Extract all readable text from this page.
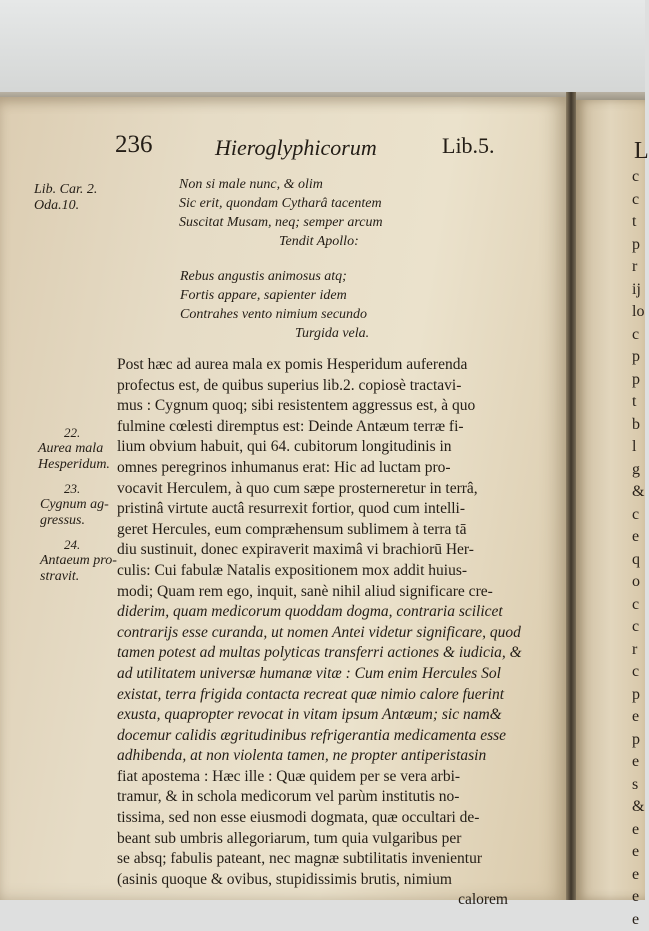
236	Hieroglyphicorum	Lib.5.
Lib. Car. 2.
Oda.10.
Non si male nunc, & olim
Sic erit, quondam Cytharâ tacentem
Suscitat Musam, neq; semper arcum
Tendit Apollo:
Rebus angustis animosus atq;
Fortis appare, sapienter idem
Contrahes vento nimium secundo
Turgida vela.
22.
Aurea mala
Hesperidum.
23.
Cygnum ag-
gressus.
24.
Antaeum pro-
stravit.
Post hæc ad aurea mala ex pomis Hesperidum auferenda
profectus est, de quibus superius lib.2. copiosè tractavi-
mus : Cygnum quoq; sibi resistentem aggressus est, à quo
fulmine cœlesti diremptus est: Deinde Antæum terræ fi-
lium obvium habuit, qui 64. cubitorum longitudinis in
omnes peregrinos inhumanus erat: Hic ad luctam pro-
vocavit Herculem, à quo cum sæpe prosterneretur in terrâ,
pristinâ virtute auctâ resurrexit fortior, quod cum intelli-
geret Hercules, eum compræhensum sublimem à terra tā
diu sustinuit, donec expiraverit maximâ vi brachiorū Her-
culis: Cui fabulæ Natalis expositionem mox addit huius-
modi; Quam rem ego, inquit, sanè nihil aliud significare cre-
diderim, quam medicorum quoddam dogma, contraria scilicet
contrarijs esse curanda, ut nomen Antei videtur significare, quod
tamen potest ad multas polyticas transferri actiones & iudicia, &
ad utilitatem universæ humanæ vitæ : Cum enim Hercules Sol
existat, terra frigida contacta recreat quæ nimio calore fuerint
exusta, quapropter revocat in vitam ipsum Antæum; sic nam&
docemur calidis ægritudinibus refrigerantia medicamenta esse
adhibenda, at non violenta tamen, ne propter antiperistasin
fiat apostema : Hæc ille : Quæ quidem per se vera arbi-
tramur, & in schola medicorum vel parùm institutis no-
tissima, sed non esse eiusmodi dogmata, quæ occultari de-
beant sub umbris allegoriarum, tum quia vulgaribus per
se absq; fabulis pateant, nec magnæ subtilitatis invenientur
(asinis quoque & ovibus, stupidissimis brutis, nimium
calorem
L
c
c
t
p
r
ij
lo
c
p
p
t
b
l
g
&
c
e
q
o
c
c
r
c
p
e
p
e
s
&
e
e
e
e
e
